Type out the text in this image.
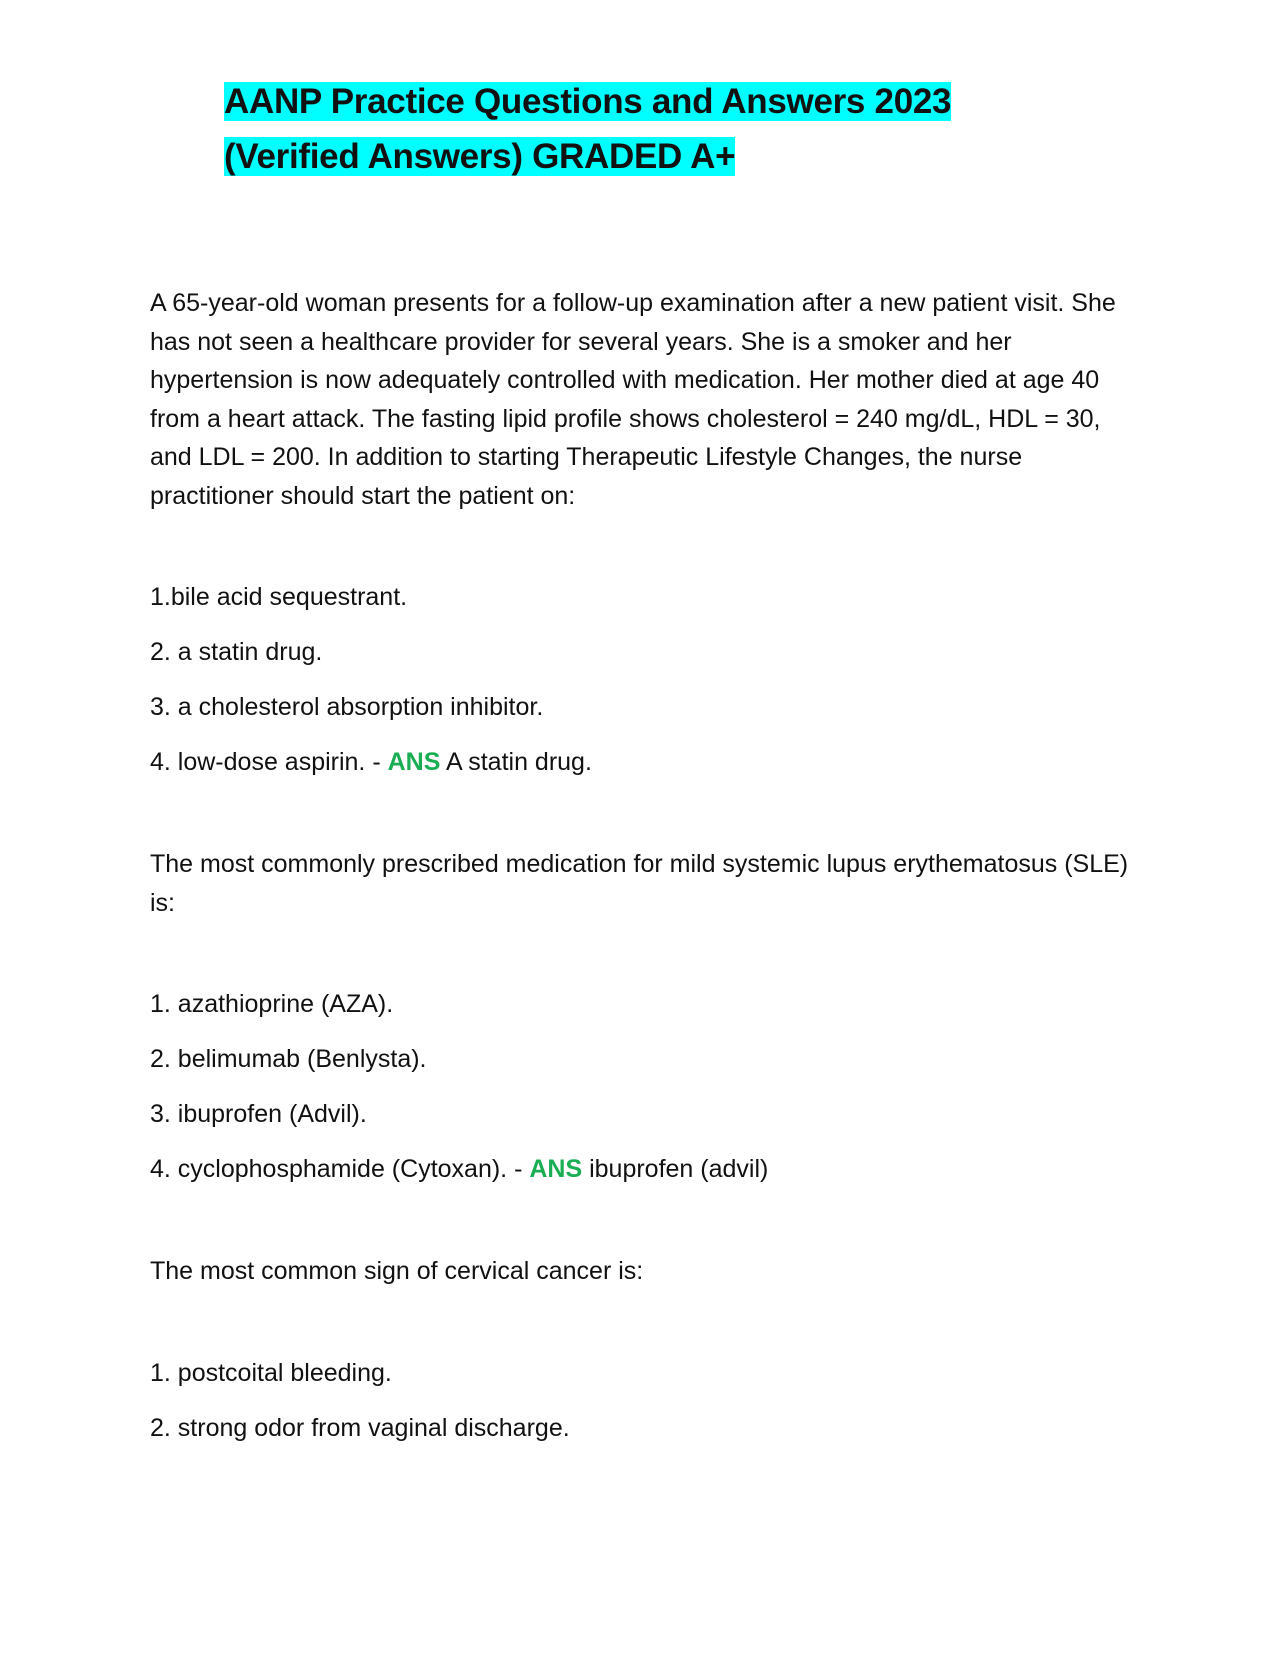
AANP Practice Questions and Answers 2023 (Verified Answers) GRADED A+

A 65-year-old woman presents for a follow-up examination after a new patient visit. She has not seen a healthcare provider for several years. She is a smoker and her hypertension is now adequately controlled with medication. Her mother died at age 40 from a heart attack. The fasting lipid profile shows cholesterol = 240 mg/dL, HDL = 30, and LDL = 200. In addition to starting Therapeutic Lifestyle Changes, the nurse practitioner should start the patient on:

1.bile acid sequestrant.
2. a statin drug.
3. a cholesterol absorption inhibitor.
4. low-dose aspirin. - ANS A statin drug.

The most commonly prescribed medication for mild systemic lupus erythematosus (SLE) is:

1. azathioprine (AZA).
2. belimumab (Benlysta).
3. ibuprofen (Advil).
4. cyclophosphamide (Cytoxan). - ANS ibuprofen (advil)

The most common sign of cervical cancer is:

1. postcoital bleeding.
2. strong odor from vaginal discharge.
